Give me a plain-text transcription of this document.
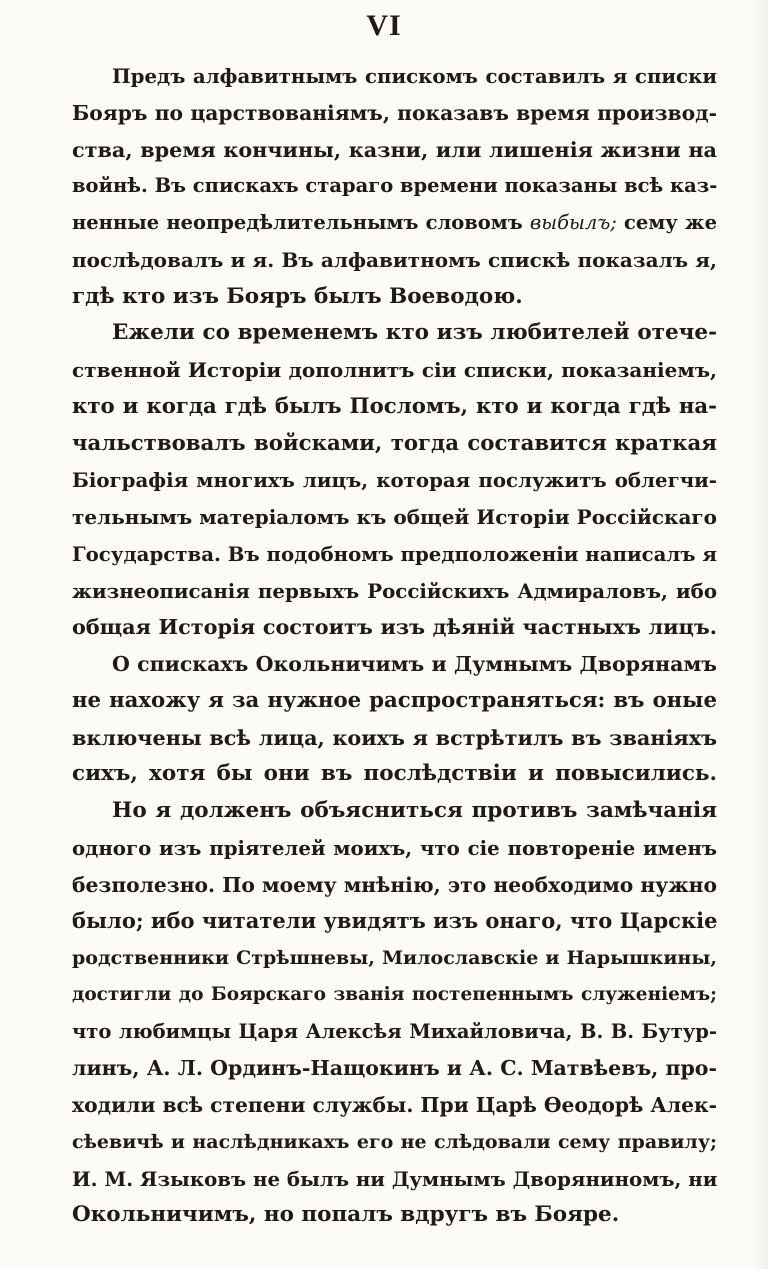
VI
Предъ алфавитнымъ спискомъ составилъ я списки
Бояръ по царствованіямъ, показавъ время производ-
ства, время кончины, казни, или лишенія жизни на
войнѣ. Въ спискахъ стараго времени показаны всѣ каз-
ненные неопредѣлительнымъ словомъ выбылъ; сему же
послѣдовалъ и я. Въ алфавитномъ спискѣ показалъ я,
гдѣ кто изъ Бояръ былъ Воеводою.
Ежели со временемъ кто изъ любителей отече-
ственной Исторіи дополнитъ сіи списки, показаніемъ,
кто и когда гдѣ былъ Посломъ, кто и когда гдѣ на-
чальствовалъ войсками, тогда составится краткая
Біографія многихъ лицъ, которая послужитъ облегчи-
тельнымъ матеріаломъ къ общей Исторіи Россійскаго
Государства. Въ подобномъ предположеніи написалъ я
жизнеописанія первыхъ Россійскихъ Адмираловъ, ибо
общая Исторія состоитъ изъ дѣяній частныхъ лицъ.
О спискахъ Окольничимъ и Думнымъ Дворянамъ
не нахожу я за нужное распространяться: въ оные
включены всѣ лица, коихъ я встрѣтилъ въ званіяхъ
сихъ, хотя бы они въ послѣдствіи и повысились.
Но я долженъ объясниться противъ замѣчанія
одного изъ пріятелей моихъ, что сіе повтореніе именъ
безполезно. По моему мнѣнію, это необходимо нужно
было; ибо читатели увидятъ изъ онаго, что Царскіе
родственники Стрѣшневы, Милославскіе и Нарышкины,
достигли до Боярскаго званія постепеннымъ служеніемъ;
что любимцы Царя Алексѣя Михайловича, В. В. Бутур-
линъ, А. Л. Ординъ-Нащокинъ и А. С. Матвѣевъ, про-
ходили всѣ степени службы. При Царѣ Ѳеодорѣ Алек-
сѣевичѣ и наслѣдникахъ его не слѣдовали сему правилу;
И. М. Языковъ не былъ ни Думнымъ Дворяниномъ, ни
Окольничимъ, но попалъ вдругъ въ Бояре.
